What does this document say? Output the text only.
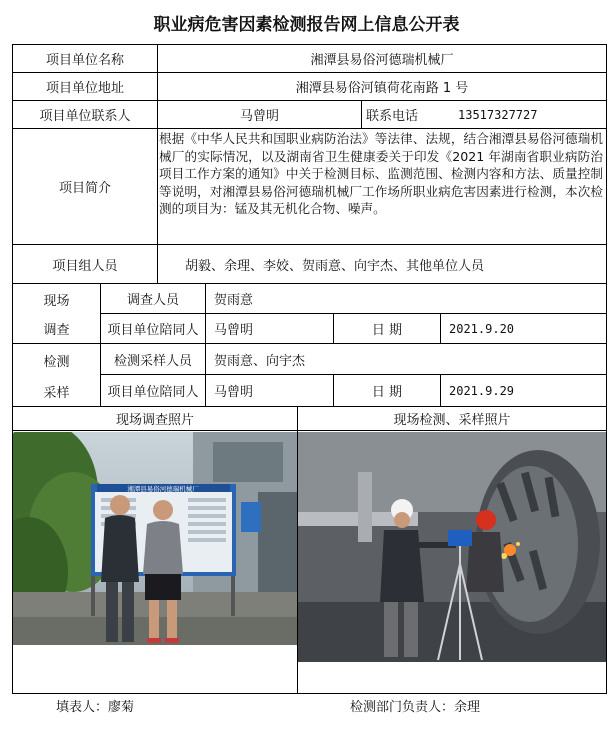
职业病危害因素检测报告网上信息公开表
项目单位名称	湘潭县易俗河德瑞机械厂
项目单位地址	湘潭县易俗河镇荷花南路 1 号
项目单位联系人	马曾明	联系电话	13517327727
项目简介
根据《中华人民共和国职业病防治法》等法律、法规，结合湘潭县易俗河德瑞机械厂的实际情况，以及湖南省卫生健康委关于印发《2021 年湖南省职业病防治项目工作方案的通知》中关于检测目标、监测范围、检测内容和方法、质量控制等说明，对湘潭县易俗河德瑞机械厂工作场所职业病危害因素进行检测，本次检测的项目为：锰及其无机化合物、噪声。
项目组人员	胡毅、余理、李姣、贺雨意、向宇杰、其他单位人员
现场
调查
调查人员	贺雨意
项目单位陪同人	马曾明	日 期	2021.9.20
检测
采样
检测采样人员	贺雨意、向宇杰
项目单位陪同人	马曾明	日 期	2021.9.29
现场调查照片	现场检测、采样照片
湘潭县易俗河德瑞机械厂
填表人：廖菊	检测部门负责人：余理
